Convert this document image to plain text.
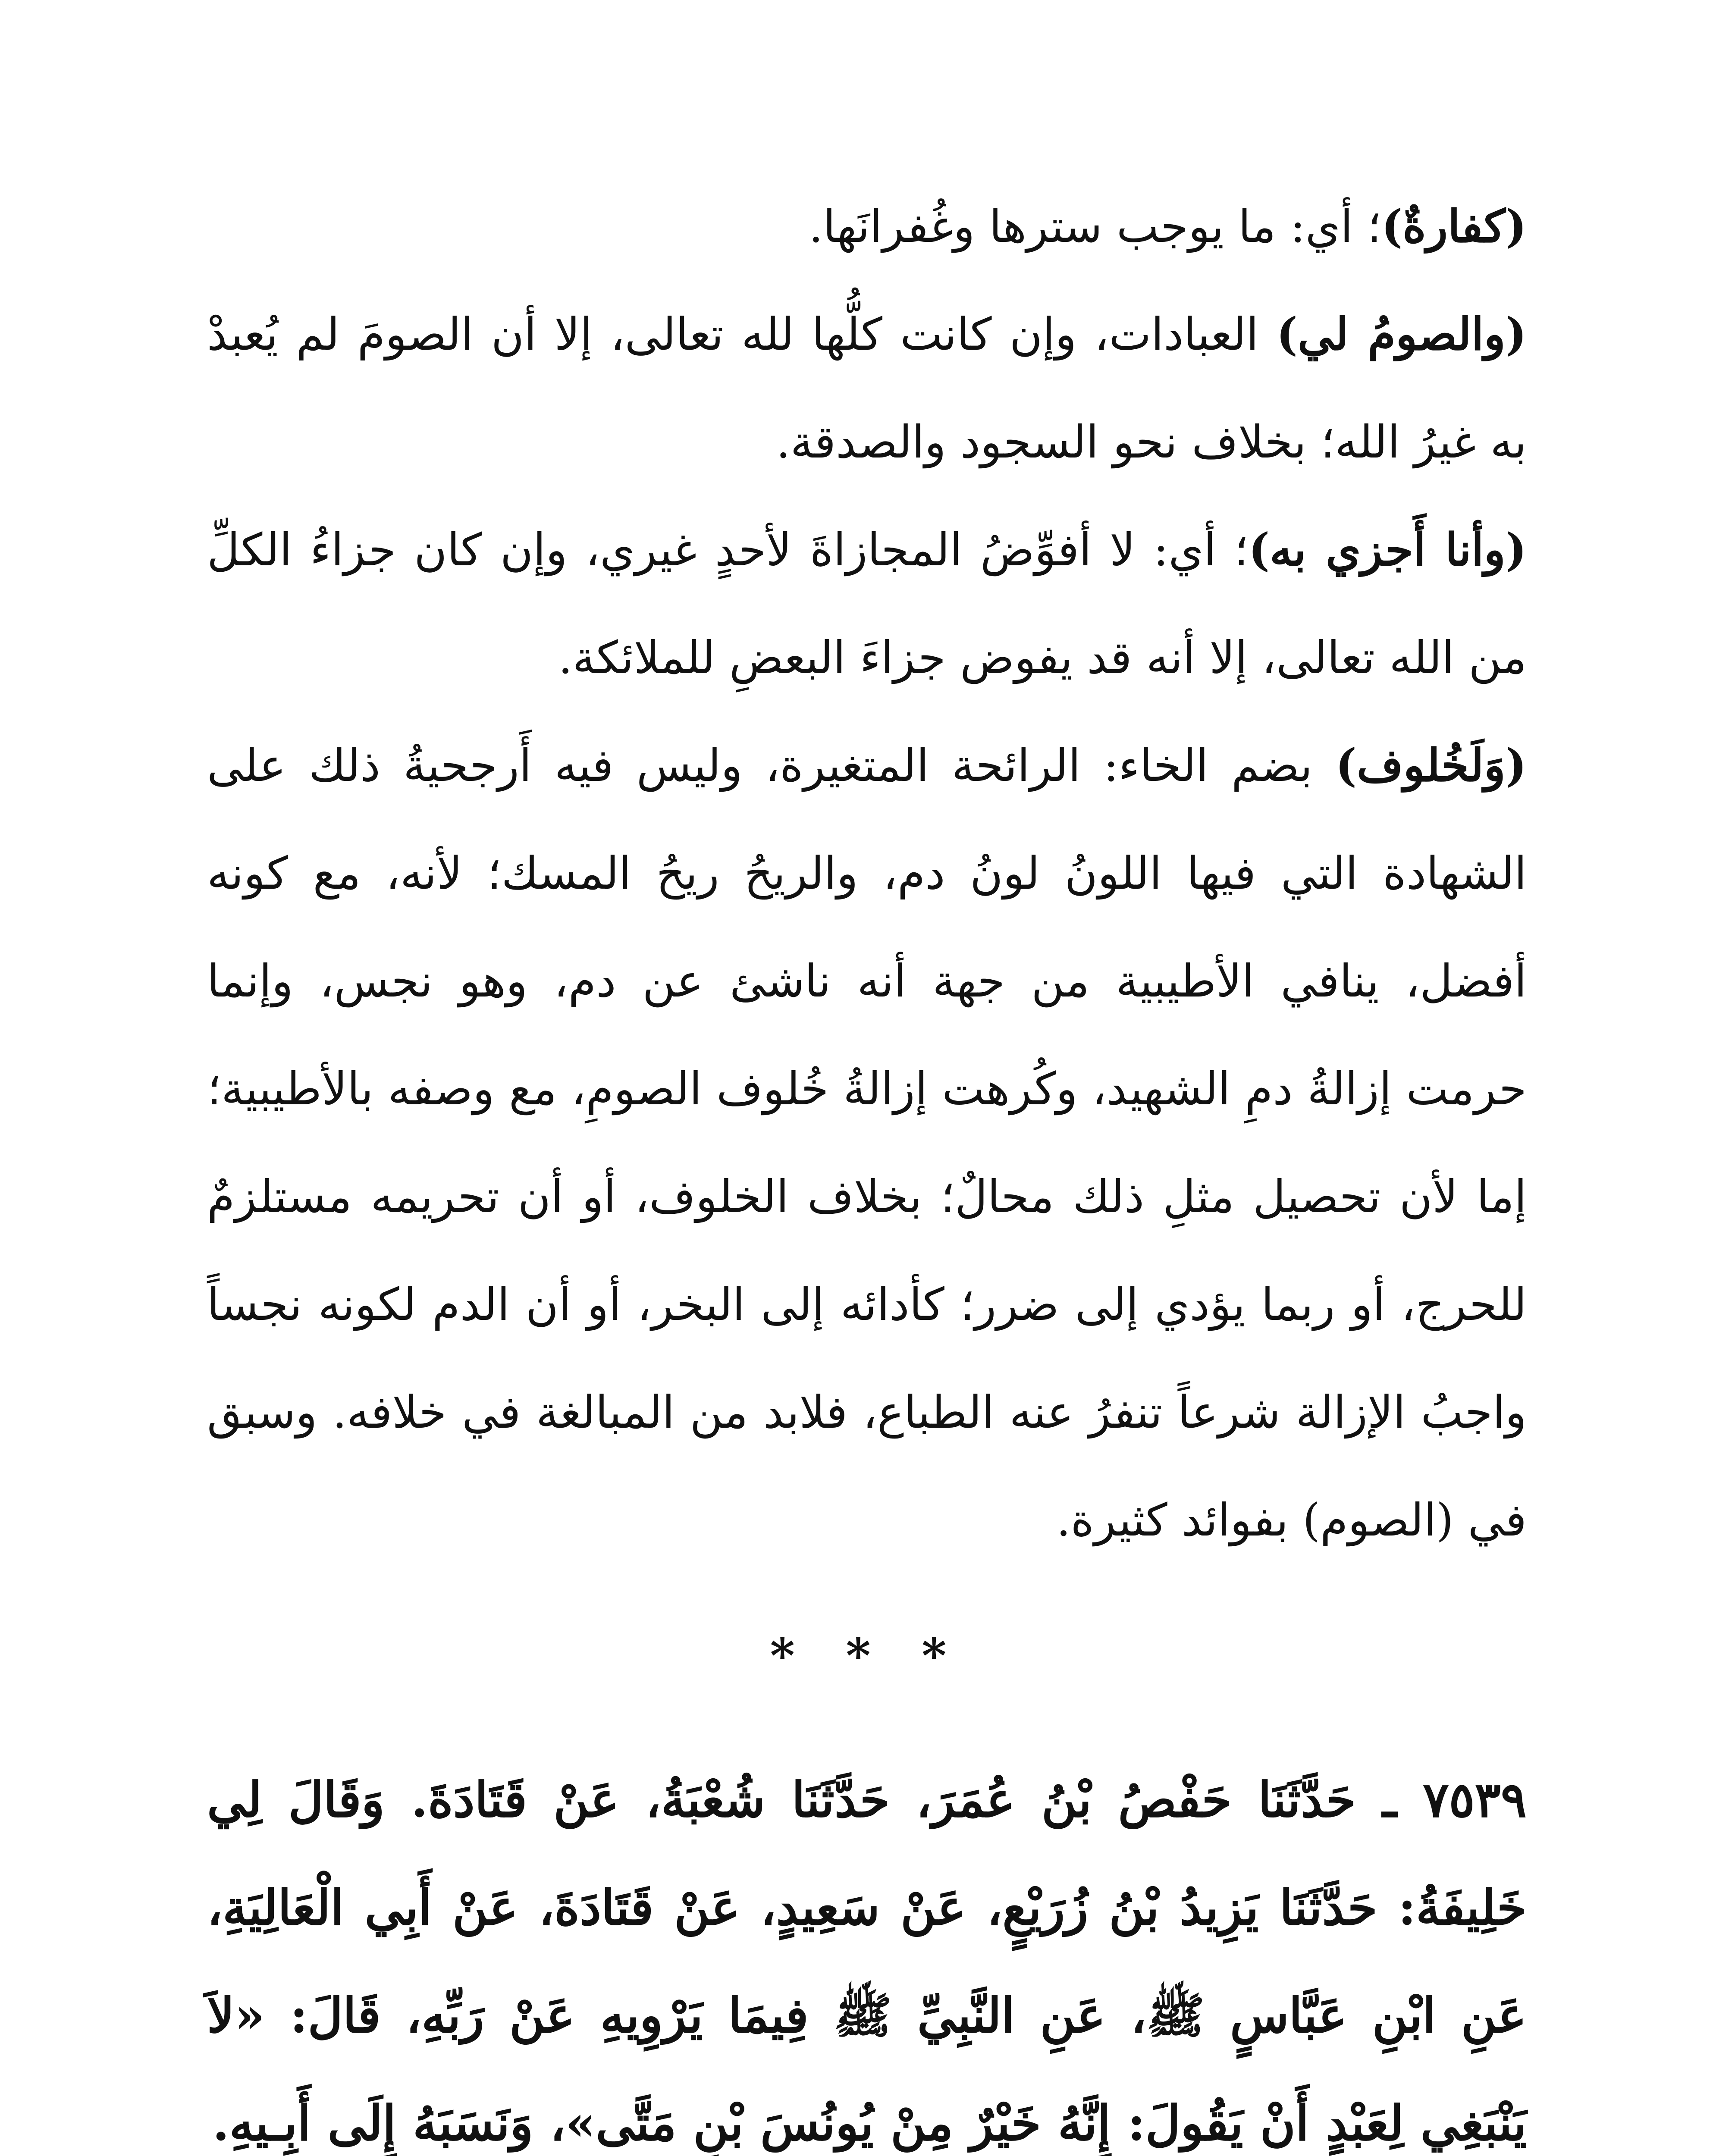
(كفارةٌ)؛ أي: ما يوجب سترها وغُفرانَها.

(والصومُ لي) العبادات، وإن كانت كلُّها لله تعالى، إلا أن الصومَ لم يُعبدْ به غيرُ الله؛ بخلاف نحو السجود والصدقة.

(وأنا أَجزي به)؛ أي: لا أفوِّضُ المجازاةَ لأحدٍ غيري، وإن كان جزاءُ الكلِّ من الله تعالى، إلا أنه قد يفوض جزاءَ البعضِ للملائكة.

(وَلَخُلوف) بضم الخاء: الرائحة المتغيرة، وليس فيه أَرجحيةُ ذلك على الشهادة التي فيها اللونُ لونُ دم، والريحُ ريحُ المسك؛ لأنه، مع كونه أفضل، ينافي الأطيبية من جهة أنه ناشئ عن دم، وهو نجس، وإنما حرمت إزالةُ دمِ الشهيد، وكُرهت إزالةُ خُلوف الصومِ، مع وصفه بالأطيبية؛ إما لأن تحصيل مثلِ ذلك محالٌ؛ بخلاف الخلوف، أو أن تحريمه مستلزمٌ للحرج، أو ربما يؤدي إلى ضرر؛ كأدائه إلى البخر، أو أن الدم لكونه نجساً واجبُ الإزالة شرعاً تنفرُ عنه الطباع، فلابد من المبالغة في خلافه. وسبق في (الصوم) بفوائد كثيرة.

* * *

٧٥٣٩ ـ حَدَّثَنَا حَفْصُ بْنُ عُمَرَ، حَدَّثَنَا شُعْبَةُ، عَنْ قَتَادَةَ. وَقَالَ لِي خَلِيفَةُ: حَدَّثَنَا يَزِيدُ بْنُ زُرَيْعٍ، عَنْ سَعِيدٍ، عَنْ قَتَادَةَ، عَنْ أَبِي الْعَالِيَةِ، عَنِ ابْنِ عَبَّاسٍ ﷺ، عَنِ النَّبِيِّ ﷺ فِيمَا يَرْوِيهِ عَنْ رَبِّهِ، قَالَ: «لاَ يَنْبَغِي لِعَبْدٍ أَنْ يَقُولَ: إِنَّهُ خَيْرٌ مِنْ يُونُسَ بْنِ مَتَّى»، وَنَسَبَهُ إِلَى أَبِـيهِ.
